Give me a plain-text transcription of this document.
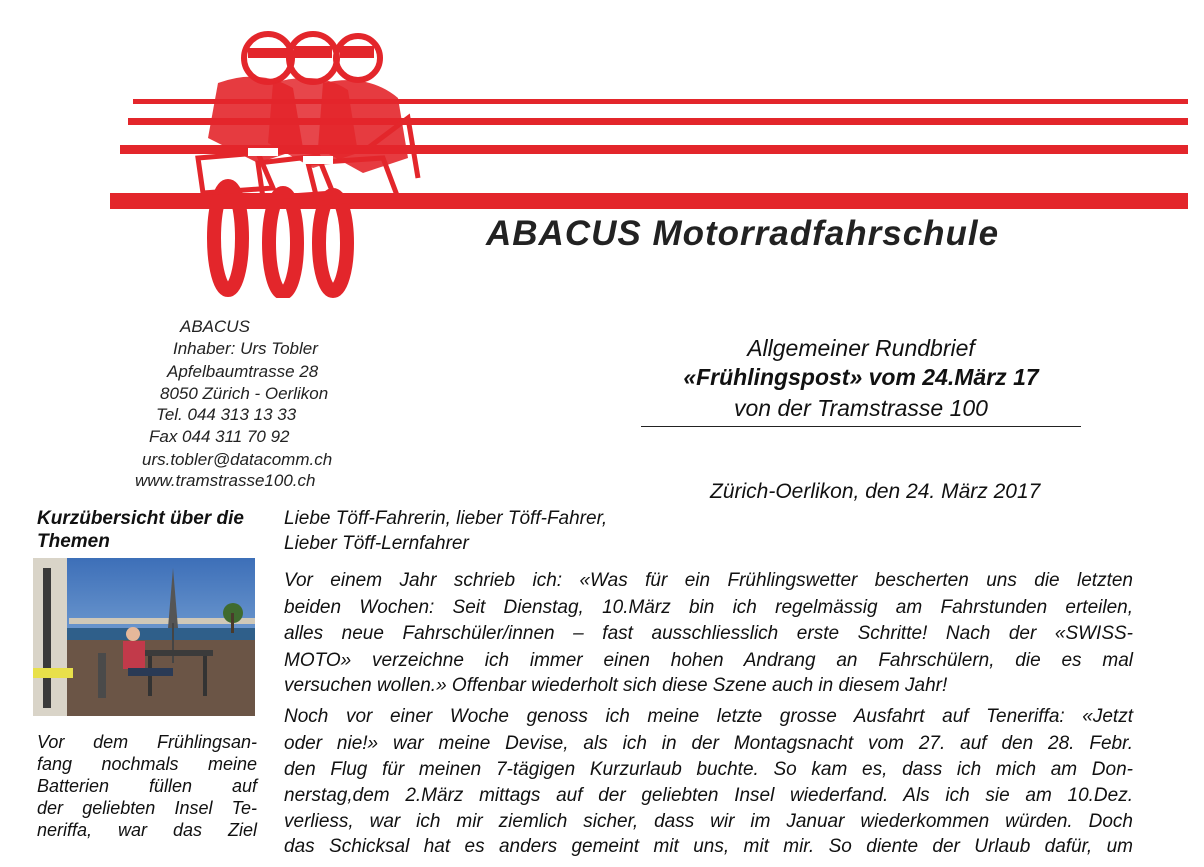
ABACUS Motorradfahrschule
ABACUS
Inhaber: Urs Tobler
Apfelbaumtrasse 28
8050 Zürich - Oerlikon
Tel. 044 313 13 33
Fax 044 311 70 92
urs.tobler@datacomm.ch
www.tramstrasse100.ch
Allgemeiner Rundbrief
«Frühlingspost» vom 24.März 17
von der Tramstrasse 100
Zürich-Oerlikon, den 24. März 2017
Kurzübersicht über die Themen
Vor dem Frühlingsan-
fang nochmals meine
Batterien füllen auf
der geliebten Insel Te-
neriffa, war das Ziel
Liebe Töff-Fahrerin, lieber Töff-Fahrer,
Lieber Töff-Lernfahrer
Vor einem Jahr schrieb ich: «Was für ein Frühlingswetter bescherten uns die letzten
beiden Wochen: Seit Dienstag, 10.März bin ich regelmässig am Fahrstunden erteilen,
alles neue Fahrschüler/innen – fast ausschliesslich erste Schritte! Nach der «SWISS-
MOTO» verzeichne ich immer einen hohen Andrang an Fahrschülern, die es mal
versuchen wollen.» Offenbar wiederholt sich diese Szene auch in diesem Jahr!
Noch vor einer Woche genoss ich meine letzte grosse Ausfahrt auf Teneriffa: «Jetzt
oder nie!» war meine Devise, als ich in der Montagsnacht vom 27. auf den 28. Febr.
den Flug für meinen 7-tägigen Kurzurlaub buchte. So kam es, dass ich mich am Don-
nerstag,dem 2.März mittags auf der geliebten Insel wiederfand. Als ich sie am 10.Dez.
verliess, war ich mir ziemlich sicher, dass wir im Januar wiederkommen würden. Doch
das Schicksal hat es anders gemeint mit uns, mit mir. So diente der Urlaub dafür, um
